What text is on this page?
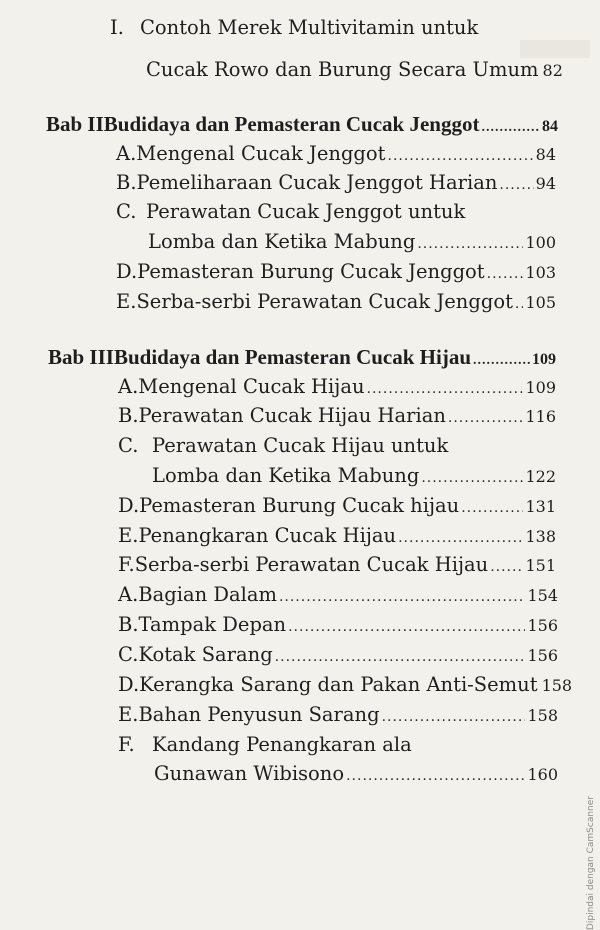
I. Contoh Merek Multivitamin untuk
Cucak Rowo dan Burung Secara Umum 82
Bab II Budidaya dan Pemasteran Cucak Jenggot .....	84
A. Mengenal Cucak Jenggot .....	84
B. Pemeliharaan Cucak Jenggot Harian ..... 94
C. Perawatan Cucak Jenggot untuk
Lomba dan Ketika Mabung .....	100
D. Pemasteran Burung Cucak Jenggot .....	103
E. Serba-serbi Perawatan Cucak Jenggot ..... 105
Bab III Budidaya dan Pemasteran Cucak Hijau .....	109
A. Mengenal Cucak Hijau .....	109
B. Perawatan Cucak Hijau Harian .....	116
C. Perawatan Cucak Hijau untuk
Lomba dan Ketika Mabung .....	122
D. Pemasteran Burung Cucak hijau .....	131
E. Penangkaran Cucak Hijau .....	138
F. Serba-serbi Perawatan Cucak Hijau ..... 151
A. Bagian Dalam .....	154
B. Tampak Depan .....	156
C. Kotak Sarang .....	156
D. Kerangka Sarang dan Pakan Anti-Semut 158
E. Bahan Penyusun Sarang .....	158
F. Kandang Penangkaran ala
Gunawan Wibisono .....	160
Dipindai dengan CamScanner
